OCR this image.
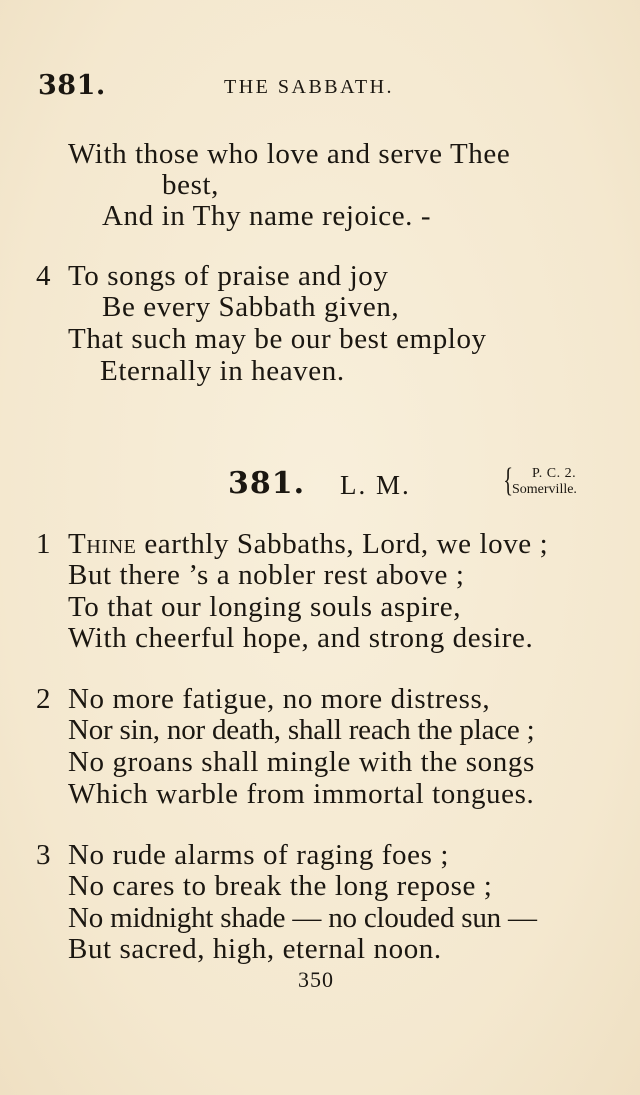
381.	THE SABBATH.
With those who love and serve Thee
best,
And in Thy name rejoice. ‑
4 To songs of praise and joy
Be every Sabbath given,
That such may be our best employ
Eternally in heaven.
381. L. M.	{ P. C. 2.
Somerville.
1 Thine earthly Sabbaths, Lord, we love ;
But there ’s a nobler rest above ;
To that our longing souls aspire,
With cheerful hope, and strong desire.
2 No more fatigue, no more distress,
Nor sin, nor death, shall reach the place ;
No groans shall mingle with the songs
Which warble from immortal tongues.
3 No rude alarms of raging foes ;
No cares to break the long repose ;
No midnight shade — no clouded sun —
But sacred, high, eternal noon.
350
